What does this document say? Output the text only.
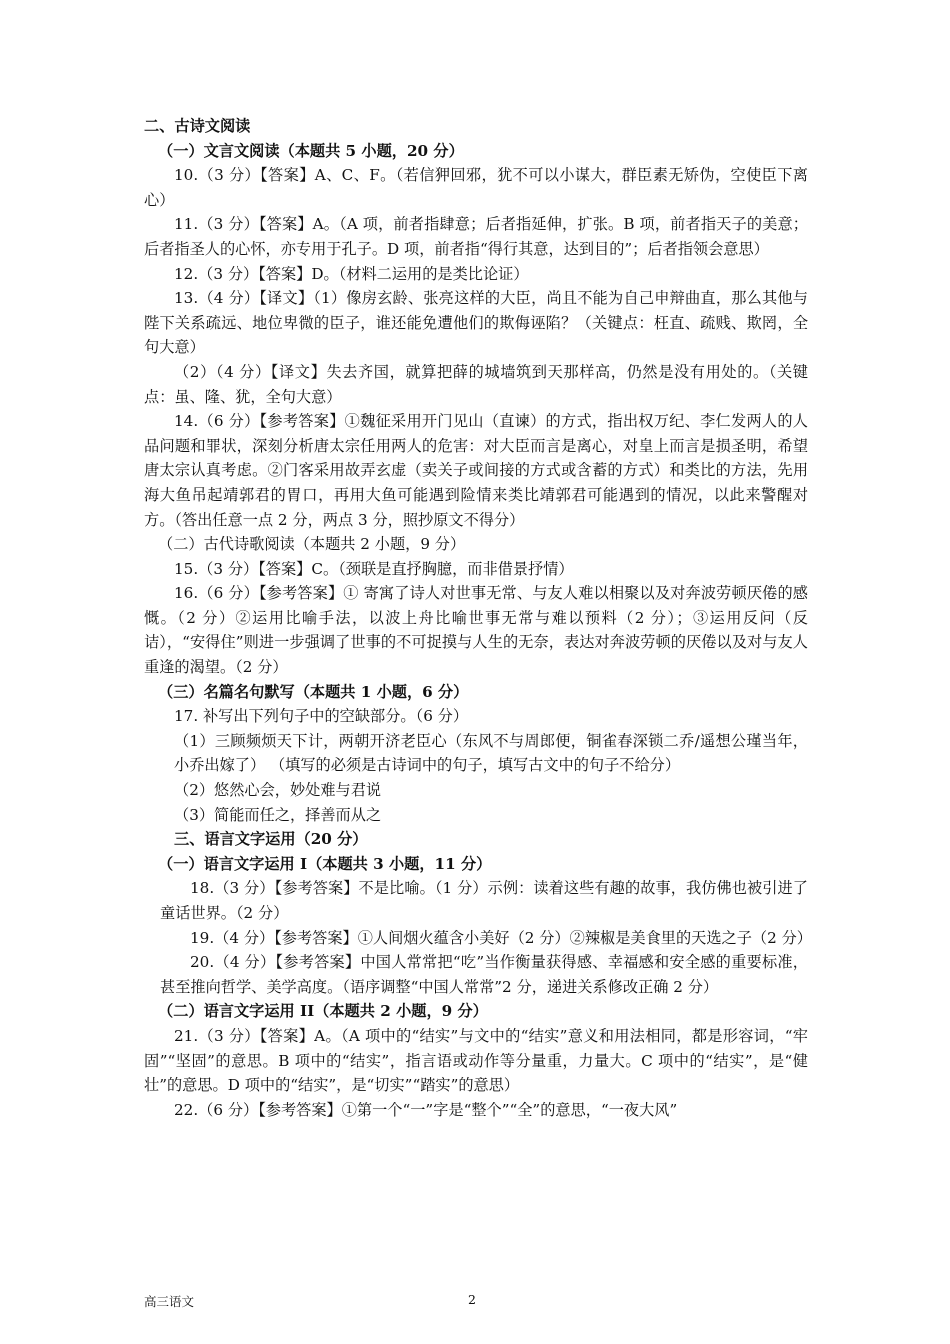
二、古诗文阅读

（一）文言文阅读（本题共 5 小题，20 分）

10.（3 分）【答案】A、C、F。（若信狎回邪，犹不可以小谋大，群臣素无矫伪，空使臣下离心）

11.（3 分）【答案】A。（A 项，前者指肆意；后者指延伸，扩张。B 项，前者指天子的美意；后者指圣人的心怀，亦专用于孔子。D 项，前者指“得行其意，达到目的”；后者指领会意思）

12.（3 分）【答案】D。（材料二运用的是类比论证）

13.（4 分）【译文】（1）像房玄龄、张亮这样的大臣，尚且不能为自己申辩曲直，那么其他与陛下关系疏远、地位卑微的臣子，谁还能免遭他们的欺侮诬陷？（关键点：枉直、疏贱、欺罔，全句大意）

（2）（4 分）【译文】失去齐国，就算把薛的城墙筑到天那样高，仍然是没有用处的。（关键点：虽、隆、犹，全句大意）

14.（6 分）【参考答案】①魏征采用开门见山（直谏）的方式，指出权万纪、李仁发两人的人品问题和罪状，深刻分析唐太宗任用两人的危害：对大臣而言是离心，对皇上而言是损圣明，希望唐太宗认真考虑。②门客采用故弄玄虚（卖关子或间接的方式或含蓄的方式）和类比的方法，先用海大鱼吊起靖郭君的胃口，再用大鱼可能遇到险情来类比靖郭君可能遇到的情况，以此来警醒对方。（答出任意一点 2 分，两点 3 分，照抄原文不得分）

（二）古代诗歌阅读（本题共 2 小题，9 分）

15.（3 分）【答案】C。（颈联是直抒胸臆，而非借景抒情）

16.（6 分）【参考答案】① 寄寓了诗人对世事无常、与友人难以相聚以及对奔波劳顿厌倦的感慨。（2 分）②运用比喻手法，以波上舟比喻世事无常与难以预料（2 分）；③运用反问（反诘），“安得住”则进一步强调了世事的不可捉摸与人生的无奈，表达对奔波劳顿的厌倦以及对与友人重逢的渴望。（2 分）

（三）名篇名句默写（本题共 1 小题，6 分）

17. 补写出下列句子中的空缺部分。（6 分）

（1）三顾频烦天下计，两朝开济老臣心（东风不与周郎便，铜雀春深锁二乔/遥想公瑾当年，小乔出嫁了） （填写的必须是古诗词中的句子，填写古文中的句子不给分）

（2）悠然心会，妙处难与君说

（3）简能而任之，择善而从之

三、语言文字运用（20 分）

（一）语言文字运用 I（本题共 3 小题，11 分）

18.（3 分）【参考答案】不是比喻。（1 分）示例：读着这些有趣的故事，我仿佛也被引进了童话世界。（2 分）

19.（4 分）【参考答案】①人间烟火蕴含小美好（2 分）②辣椒是美食里的天选之子（2 分）

20.（4 分）【参考答案】中国人常常把“吃”当作衡量获得感、幸福感和安全感的重要标准，甚至推向哲学、美学高度。（语序调整“中国人常常”2 分，递进关系修改正确 2 分）

（二）语言文字运用 II（本题共 2 小题，9 分）

21.（3 分）【答案】A。（A 项中的“结实”与文中的“结实”意义和用法相同，都是形容词，“牢固”“坚固”的意思。B 项中的“结实”，指言语或动作等分量重，力量大。C 项中的“结实”，是“健壮”的意思。D 项中的“结实”，是“切实”“踏实”的意思）

22.（6 分）【参考答案】①第一个“一”字是“整个”“全”的意思，“一夜大风”

高三语文	2
